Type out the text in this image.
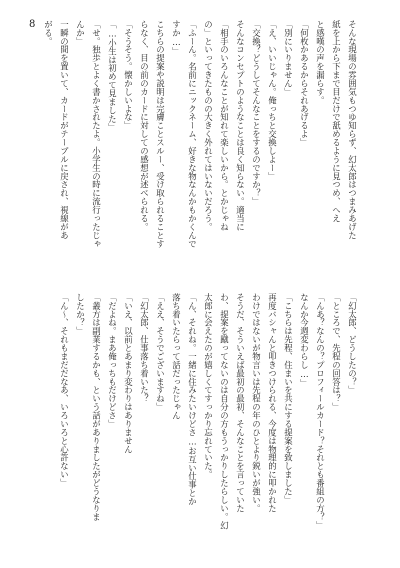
8	そんな現場の雰囲気もつゆ知らず、幻太郎はつまみあげた
紙を上から下まで目だけで舐めるように見つめ、へえ
と感嘆の声を漏らす。
「何枚かあるからそれあげるよ」
「別にいりません」
「え、いいじゃん。俺っちと交換しよー」
「交換？どうしてそんなことをするのですか？」
そんなコンセプトのようなことは良く知らない。適当に
「相手のいろんなことが知れて楽しいから。とかじゃね
の」といってきたものの大きく外れてはいないだろう。
「ふーん。名前にニックネーム、好きな物なんかもかくんで
すか…」
こちらの提案や説明は完膚ことスルー、受け取られることす
らなく、目の前のカードに対しての感想が述べられる。
「そうそう。懐かしいよな」
「…小生は初めて見ました」
「せ。独歩とよく書かされたよ。小学生の時に流行ったじゃ
んか」
一瞬の間を置いて、カードがテーブルに戻され、視線があ
がる。
「幻太郎、どうしたの？」
「ところで、先程の回答は？」
「んあ？なんの？プロフィールカード？それとも番組の方？」
なんか今週変わらし…」
「こちらは先程、住まいを共にする提案を致しました」
再度バシャんと叩きつけられる、今度は物理的に叩かれた
わけではないが物言いは先程の年のひとより鋭いが強い。
そうだ、そういえば最初の最初、そんなことを言っていた
わ、提案を蹴ってないのは自分の方もうっかりしたらしい。幻
太郎に会えたのが嬉しくてすっかり忘れていた。
「ん、それね。一緒に住みたいけどさ…お互い仕事とか
落ち着いたらって話だったじゃん
「ええ、そうでございますね」
「幻太郎、仕事落ち着いた？
「いえ、以前とあまり変わりはありません
「だよね。まあ俺っちもだけどさ」
「叢方は副業するかも、という話がありましたがどうなりま
したか？」
「ん～、それもまだだなあ、いろいろと心許ない」
